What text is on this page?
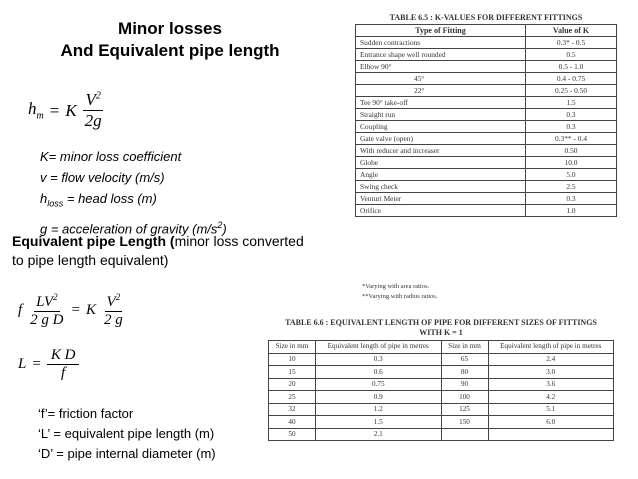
Minor losses
And Equivalent pipe length
$h_m = K \frac{V^2}{2g}$
K= minor loss coefficient
v = flow velocity (m/s)
$h_{loss}$ = head loss (m)
g = acceleration of gravity $(m/s^2)$
Equivalent pipe Length (minor loss converted to pipe length equivalent)
f $\frac{LV^2}{\text{2 g D}} = K \frac{V^2}{2 g}$
$L = \frac{\text{K D}}{f}$
‘f’= friction factor
‘L’ = equivalent pipe length (m)
‘D’ = pipe internal diameter (m)
TABLE 6.5 : K-VALUES FOR DIFFERENT FITTINGS
Type of Fitting	Value of K
Sudden contractions	0.3* - 0.5
Entrance shape well rounded	0.5
Elbow 90°	0.5 - 1.0
45°	0.4 - 0.75
22°	0.25 - 0.50
Tee 90° take-off	1.5
Straight run	0.3
Coupling	0.3
Gate valve (open)	0.3** - 0.4
With reducer and increaser	0.50
Globe	10.0
Angle	5.0
Swing check	2.5
Venturi Meter	0.3
Orifice	1.0
*Varying with area ratios.
**Varying with radius ratios.
TABLE 6.6 : EQUIVALENT LENGTH OF PIPE FOR DIFFERENT SIZES OF FITTINGS
WITH K = 1
Size in mm	Equivalent length of pipe in metres	Size in mm	Equivalent length of pipe in metres
10	0.3	65	2.4
15	0.6	80	3.0
20	0.75	90	3.6
25	0.9	100	4.2
32	1.2	125	5.1
40	1.5	150	6.0
50	2.1		
